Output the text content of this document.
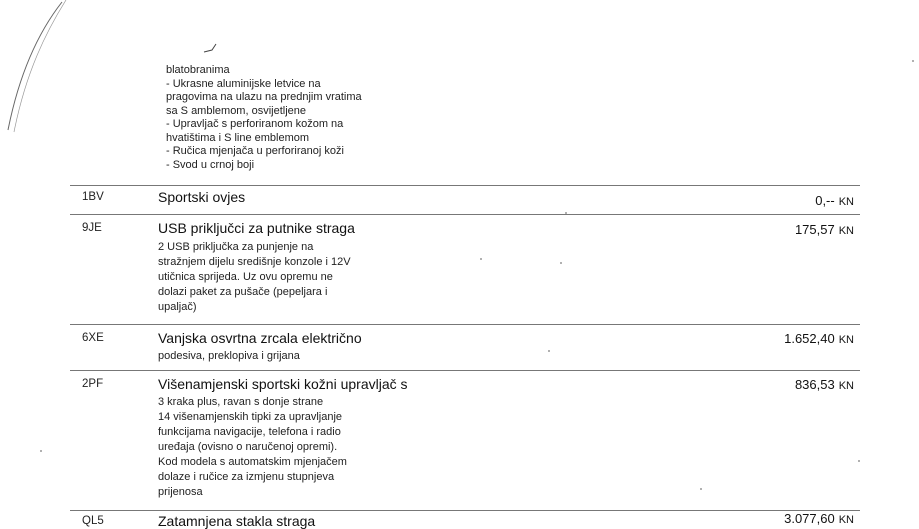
blatobranima
- Ukrasne aluminijske letvice na
pragovima na ulazu na prednjim vratima
sa S amblemom, osvijetljene
- Upravljač s perforiranom kožom na
hvatištima i S line emblemom
- Ručica mjenjača u perforiranoj koži
- Svod u crnoj boji
1BV	Sportski ovjes	0,-- KN
9JE	USB priključci za putnike straga	175,57 KN
2 USB priključka za punjenje na
stražnjem dijelu središnje konzole i 12V
utičnica sprijeda. Uz ovu opremu ne
dolazi paket za pušače (pepeljara i
upaljač)
6XE	Vanjska osvrtna zrcala električno	1.652,40 KN
podesiva, preklopiva i grijana
2PF	Višenamjenski sportski kožni upravljač s	836,53 KN
3 kraka plus, ravan s donje strane
14 višenamjenskih tipki za upravljanje
funkcijama navigacije, telefona i radio
uređaja (ovisno o naručenoj opremi).
Kod modela s automatskim mjenjačem
dolaze i ručice za izmjenu stupnjeva
prijenosa
QL5	Zatamnjena stakla straga	3.077,60 KN
